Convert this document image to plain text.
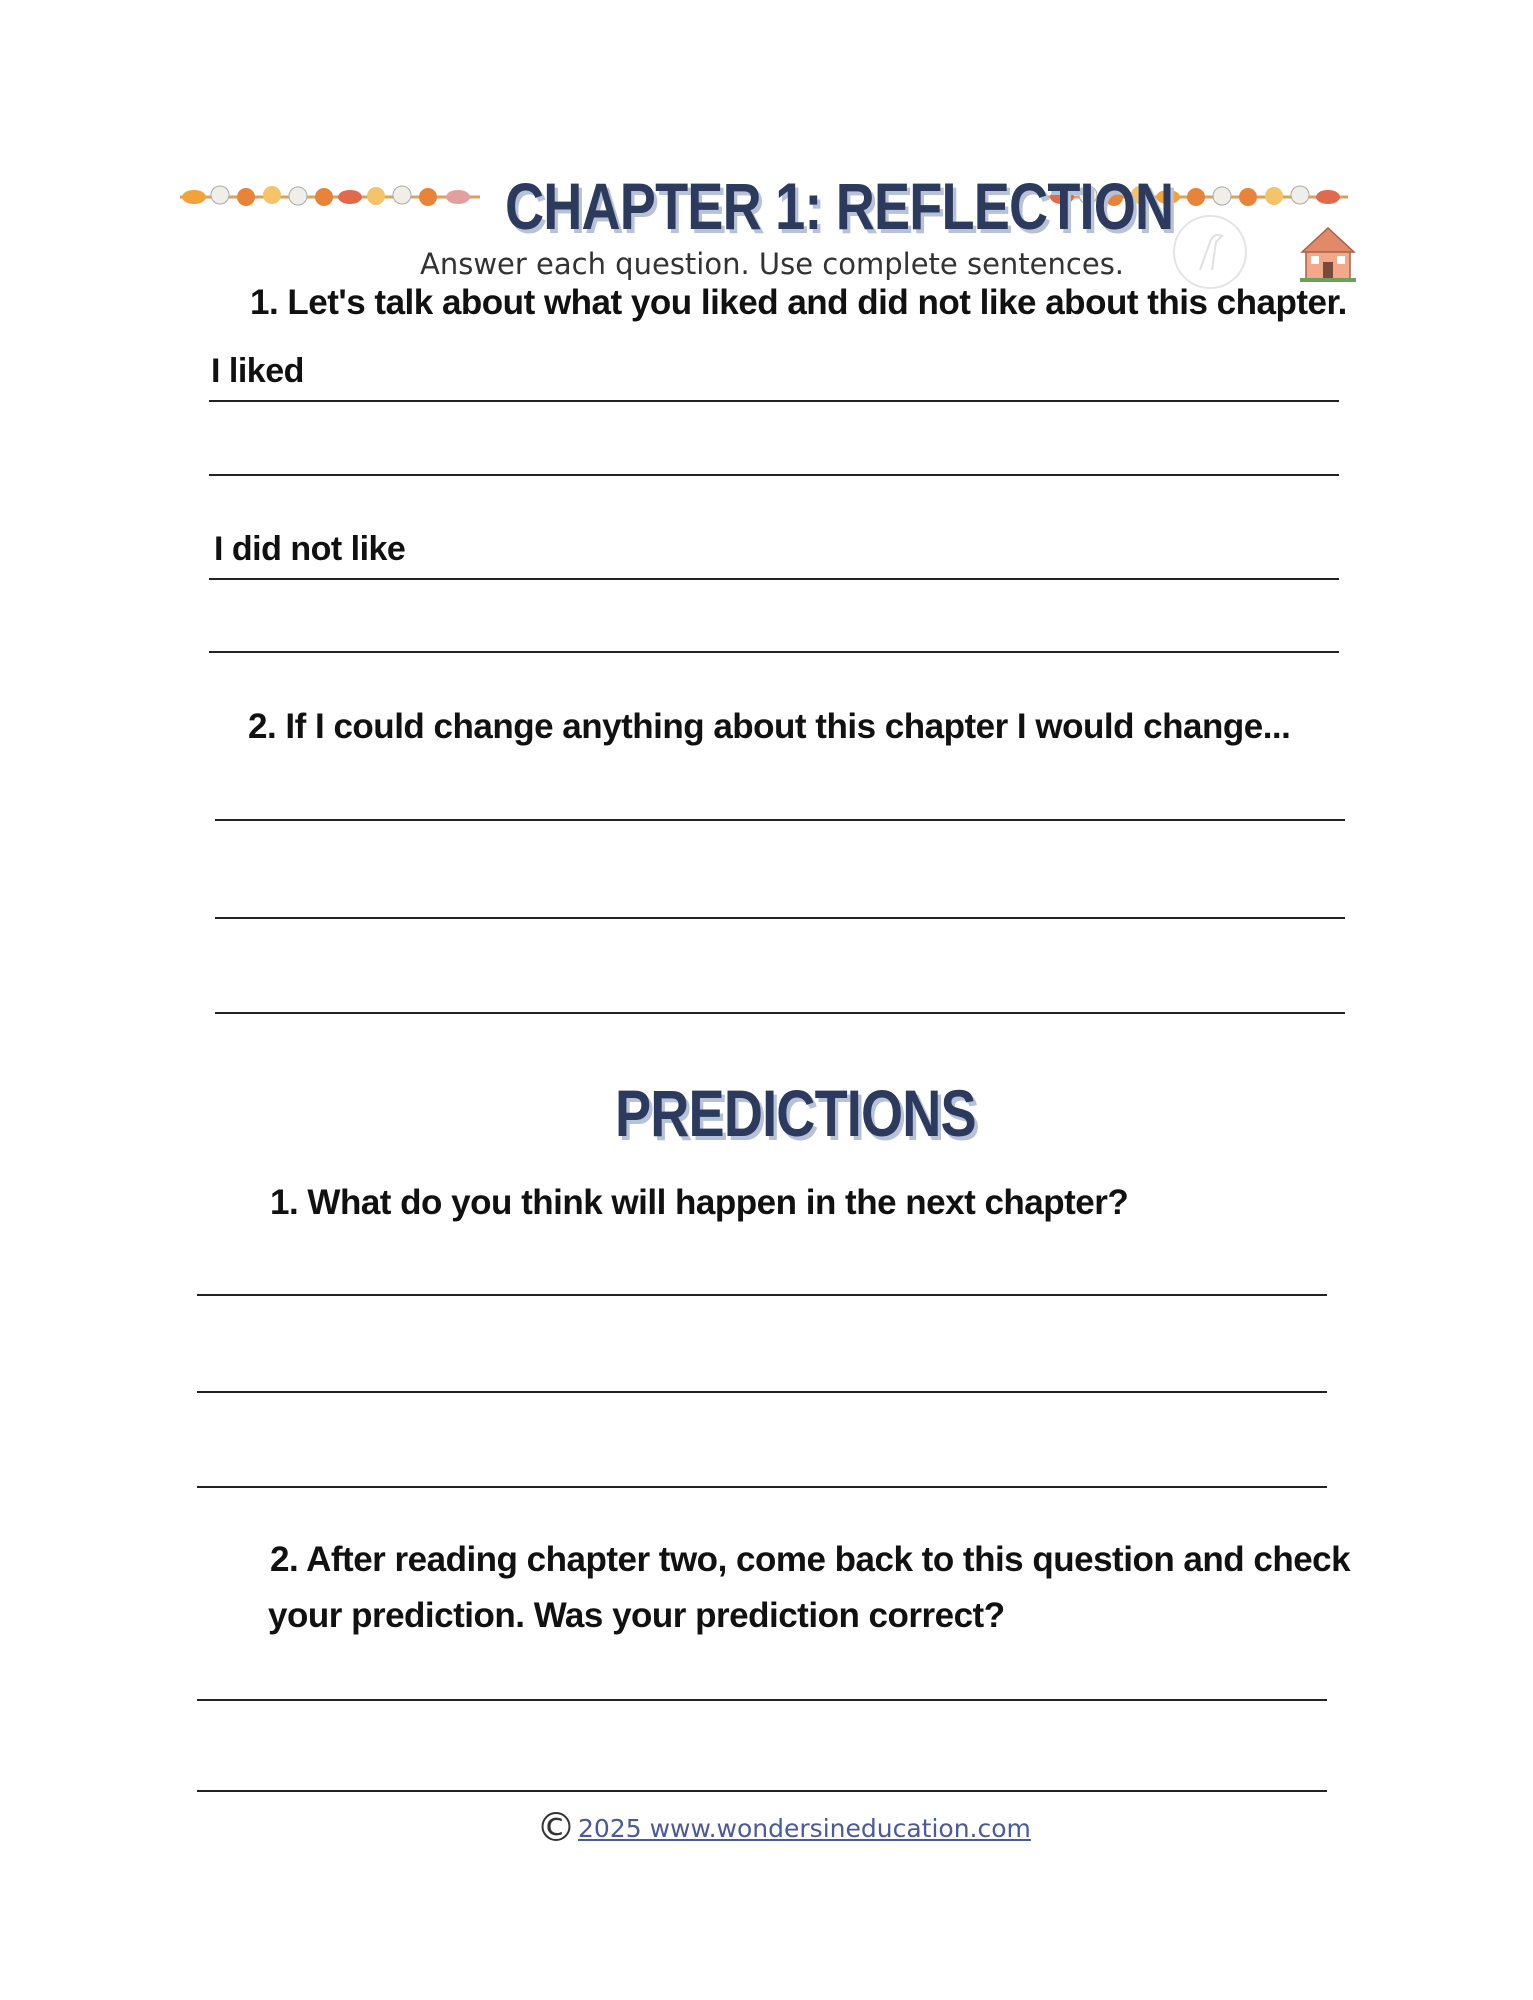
CHAPTER 1: REFLECTION
Answer each question. Use complete sentences.
1. Let's talk about what you liked and did not like about this chapter.
I liked
I did not like
2. If I could change anything about this chapter I would change...
PREDICTIONS
1. What do you think will happen in the next chapter?
2. After reading chapter two, come back to this question and check
your prediction. Was your prediction correct?
© 2025 www.wondersineducation.com
